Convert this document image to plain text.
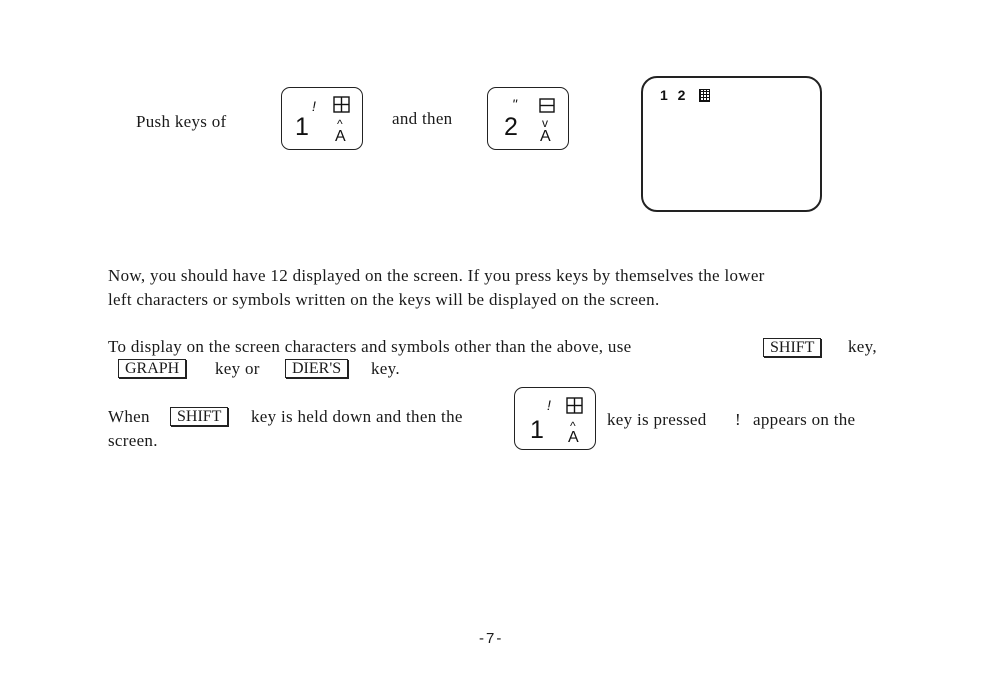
Push keys of	1
!
^
A
and then 2
"
v
A
1 2
Now, you should have 12 displayed on the screen. If you press keys by themselves the lower
left characters or symbols written on the keys will be displayed on the screen.
To display on the screen characters and symbols other than the above, use	SHIFT	key,
GRAPH	key or	DIER'S	key.
When	SHIFT	key is held down and then the	1
!
^
A
key is pressed ! appears on the
screen.
-7-
